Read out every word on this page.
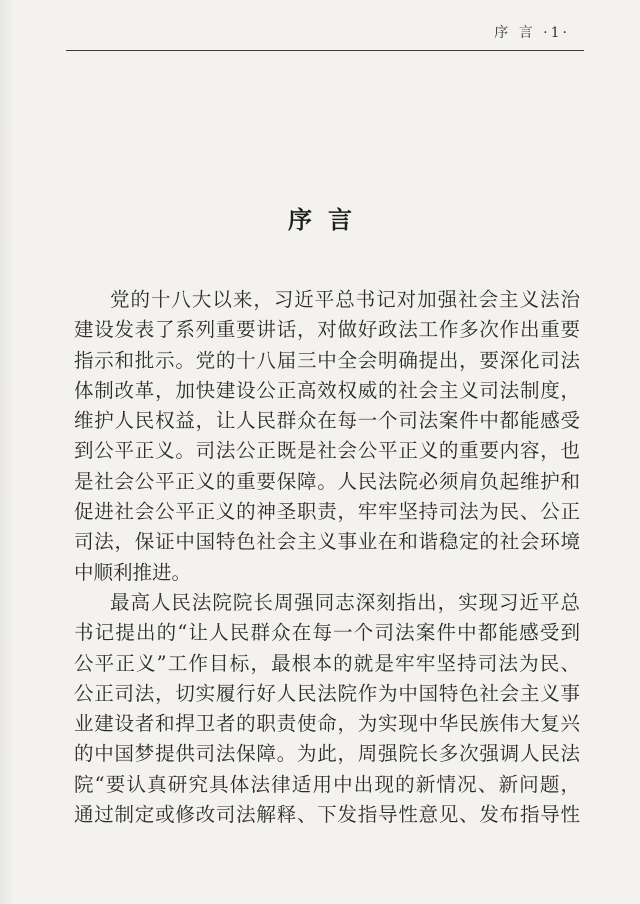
序 言 ·1·
序言
党的十八大以来，习近平总书记对加强社会主义法治
建设发表了系列重要讲话，对做好政法工作多次作出重要
指示和批示。党的十八届三中全会明确提出，要深化司法
体制改革，加快建设公正高效权威的社会主义司法制度，
维护人民权益，让人民群众在每一个司法案件中都能感受
到公平正义。司法公正既是社会公平正义的重要内容，也
是社会公平正义的重要保障。人民法院必须肩负起维护和
促进社会公平正义的神圣职责，牢牢坚持司法为民、公正
司法，保证中国特色社会主义事业在和谐稳定的社会环境
中顺利推进。
最高人民法院院长周强同志深刻指出，实现习近平总
书记提出的“让人民群众在每一个司法案件中都能感受到
公平正义”工作目标，最根本的就是牢牢坚持司法为民、
公正司法，切实履行好人民法院作为中国特色社会主义事
业建设者和捍卫者的职责使命，为实现中华民族伟大复兴
的中国梦提供司法保障。为此，周强院长多次强调人民法
院“要认真研究具体法律适用中出现的新情况、新问题，
通过制定或修改司法解释、下发指导性意见、发布指导性
